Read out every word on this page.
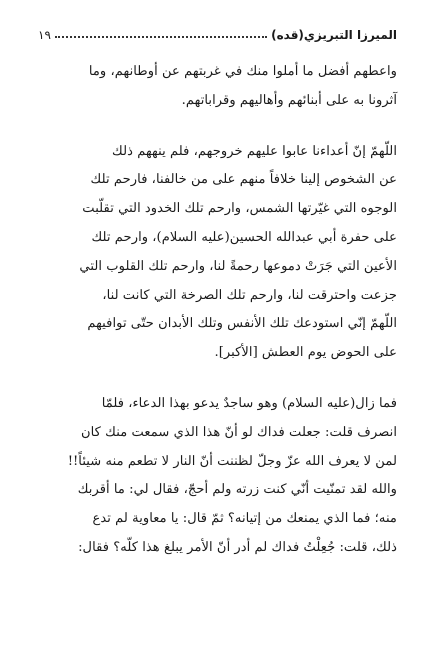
الميرزا التبريزي(قده)
١٩

واعطهم أفضل ما أملوا منك في غربتهم عن أوطانهم، وما

آثرونا به على أبنائهم وأهاليهم وقراباتهم.

اللّهمّ إنّ أعداءنا عابوا عليهم خروجهم، فلم ينههم ذلك

عن الشخوص إلينا خلافاً منهم على من خالفنا، فارحم تلك

الوجوه التي غيّرتها الشمس، وارحم تلك الخدود التي تقلّبت

على حفرة أبي عبدالله الحسين(عليه السلام)، وارحم تلك

الأعين التي جَرَتْ دموعها رحمةً لنا، وارحم تلك القلوب التي

جزعت واحترقت لنا، وارحم تلك الصرخة التي كانت لنا،

اللّهمّ إنّي استودعك تلك الأنفس وتلك الأبدان حتّى توافيهم

على الحوض يوم العطش [الأكبر].

فما زال(عليه السلام) وهو ساجدٌ يدعو بهذا الدعاء، فلمّا

انصرف قلت: جعلت فداك لو أنّ هذا الذي سمعت منك كان

لمن لا يعرف الله عزّ وجلّ لظننت أنّ النار لا تطعم منه شيئاً!!

والله لقد تمنّيت أنّي كنت زرته ولم أحجّ، فقال لي: ما أقربك

منه؛ فما الذي يمنعك من إتيانه؟ ثمّ قال: يا معاوية لم تدع

ذلك، قلت: جُعِلْتُ فداك لم أدر أنّ الأمر يبلغ هذا كلّه؟ فقال:
